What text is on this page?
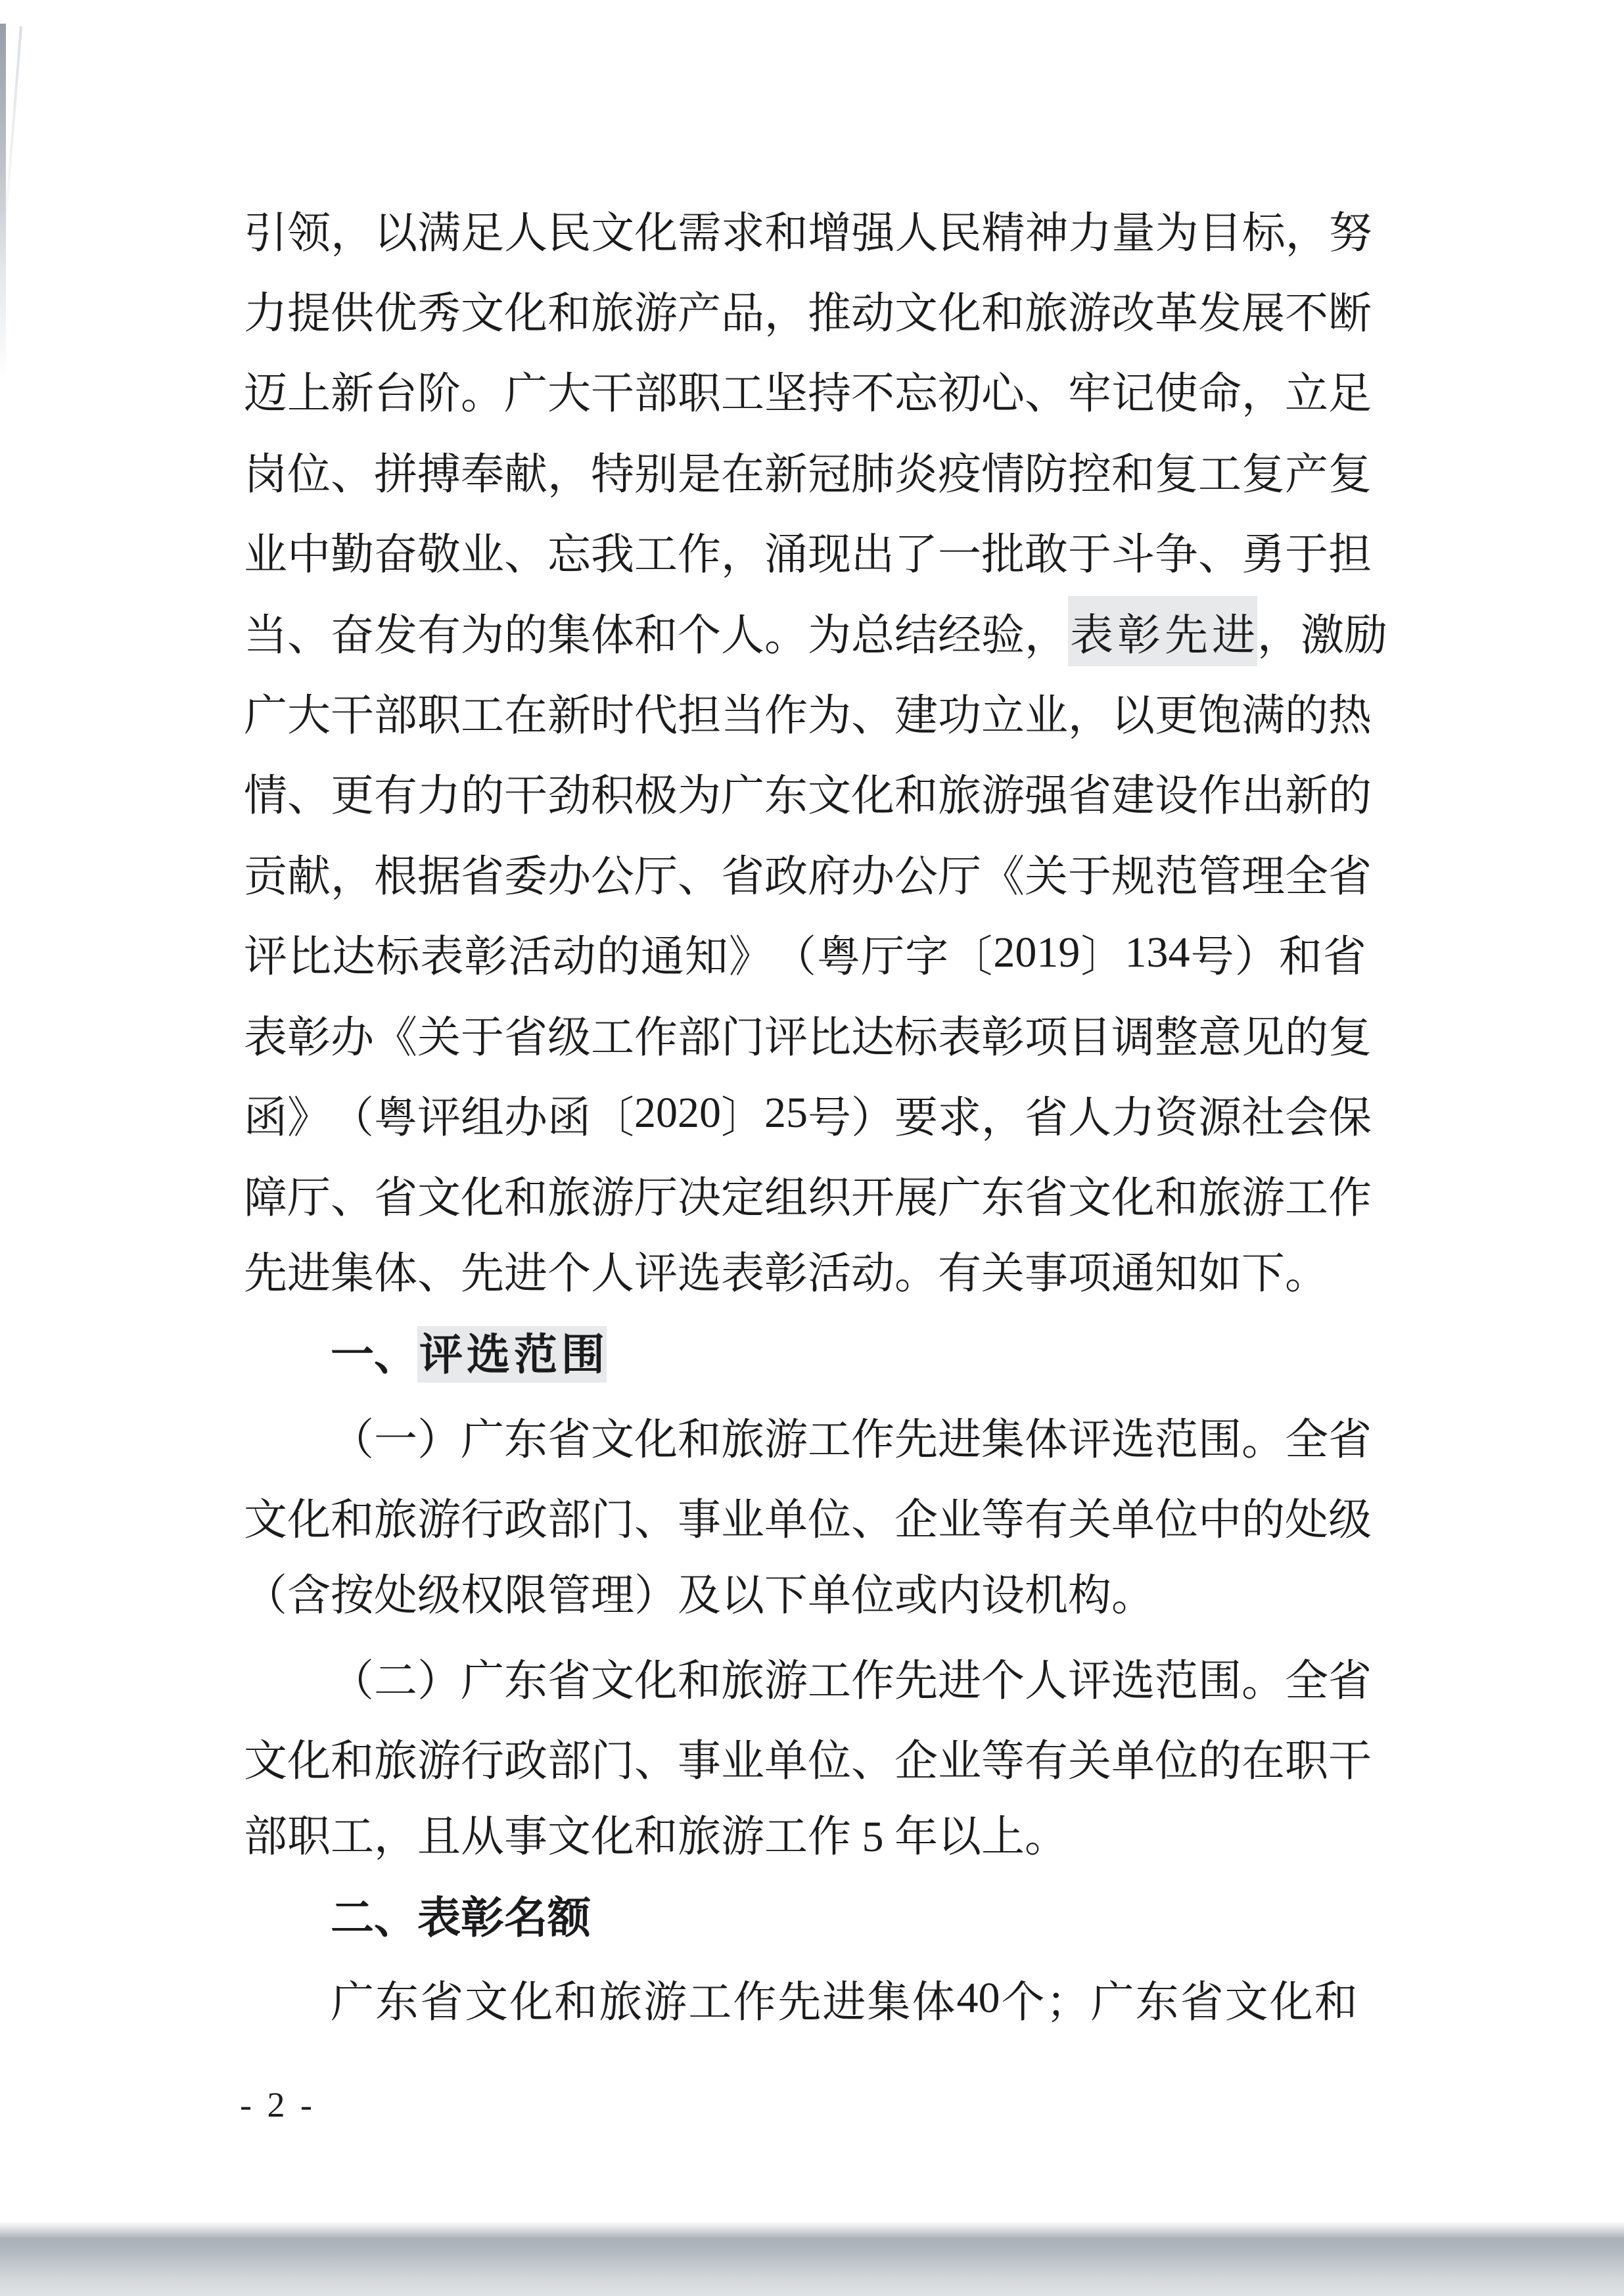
引 领 ， 以 满 足 人 民 文 化 需 求 和 增 强 人 民 精 神 力 量 为 目 标 ， 努
力 提 供 优 秀 文 化 和 旅 游 产 品 ， 推 动 文 化 和 旅 游 改 革 发 展 不 断
迈 上 新 台 阶 。 广 大 干 部 职 工 坚 持 不 忘 初 心 、 牢 记 使 命 ， 立 足
岗 位 、 拼 搏 奉 献 ， 特 别 是 在 新 冠 肺 炎 疫 情 防 控 和 复 工 复 产 复
业 中 勤 奋 敬 业 、 忘 我 工 作 ， 涌 现 出 了 一 批 敢 于 斗 争 、 勇 于 担
当 、 奋 发 有 为 的 集 体 和 个 人 。 为 总 结 经 验 ， 表 彰 先 进 ， 激 励
广 大 干 部 职 工 在 新 时 代 担 当 作 为 、 建 功 立 业 ， 以 更 饱 满 的 热
情 、 更 有 力 的 干 劲 积 极 为 广 东 文 化 和 旅 游 强 省 建 设 作 出 新 的
贡 献 ， 根 据 省 委 办 公 厅 、 省 政 府 办 公 厅 《 关 于 规 范 管 理 全 省
评 比 达 标 表 彰 活 动 的 通 知 》 （ 粤 厅 字 〔 2019 〕 134 号 ） 和 省
表 彰 办 《 关 于 省 级 工 作 部 门 评 比 达 标 表 彰 项 目 调 整 意 见 的 复
函 》 （ 粤 评 组 办 函 〔 2020 〕 25 号 ） 要 求 ， 省 人 力 资 源 社 会 保
障 厅 、 省 文 化 和 旅 游 厅 决 定 组 织 开 展 广 东 省 文 化 和 旅 游 工 作
先进集体、先进个人评选表彰活动。有关事项通知如下。
一、评选范围
（ 一 ） 广 东 省 文 化 和 旅 游 工 作 先 进 集 体 评 选 范 围 。 全 省
文 化 和 旅 游 行 政 部 门 、 事 业 单 位 、 企 业 等 有 关 单 位 中 的 处 级
（含按处级权限管理）及以下单位或内设机构。
（ 二 ） 广 东 省 文 化 和 旅 游 工 作 先 进 个 人 评 选 范 围 。 全 省
文 化 和 旅 游 行 政 部 门 、 事 业 单 位 、 企 业 等 有 关 单 位 的 在 职 干
部职工，且从事文化和旅游工作 5 年以上。
二、表彰名额
广 东 省 文 化 和 旅 游 工 作 先 进 集 体 40 个 ； 广 东 省 文 化 和
- 2 -
